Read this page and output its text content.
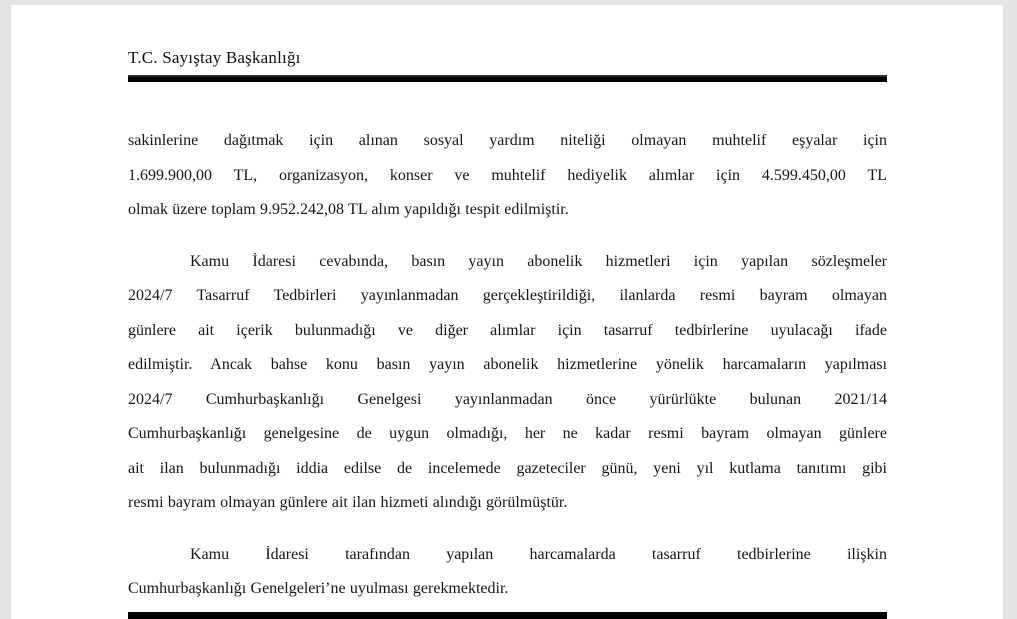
T.C. Sayıştay Başkanlığı
sakinlerine dağıtmak için alınan sosyal yardım niteliği olmayan muhtelif eşyalar için
1.699.900,00 TL, organizasyon, konser ve muhtelif hediyelik alımlar için 4.599.450,00 TL
olmak üzere toplam 9.952.242,08 TL alım yapıldığı tespit edilmiştir.
Kamu İdaresi cevabında, basın yayın abonelik hizmetleri için yapılan sözleşmeler
2024/7 Tasarruf Tedbirleri yayınlanmadan gerçekleştirildiği, ilanlarda resmi bayram olmayan
günlere ait içerik bulunmadığı ve diğer alımlar için tasarruf tedbirlerine uyulacağı ifade
edilmiştir. Ancak bahse konu basın yayın abonelik hizmetlerine yönelik harcamaların yapılması
2024/7 Cumhurbaşkanlığı Genelgesi yayınlanmadan önce yürürlükte bulunan 2021/14
Cumhurbaşkanlığı genelgesine de uygun olmadığı, her ne kadar resmi bayram olmayan günlere
ait ilan bulunmadığı iddia edilse de incelemede gazeteciler günü, yeni yıl kutlama tanıtımı gibi
resmi bayram olmayan günlere ait ilan hizmeti alındığı görülmüştür.
Kamu İdaresi tarafından yapılan harcamalarda tasarruf tedbirlerine ilişkin
Cumhurbaşkanlığı Genelgeleri’ne uyulması gerekmektedir.
